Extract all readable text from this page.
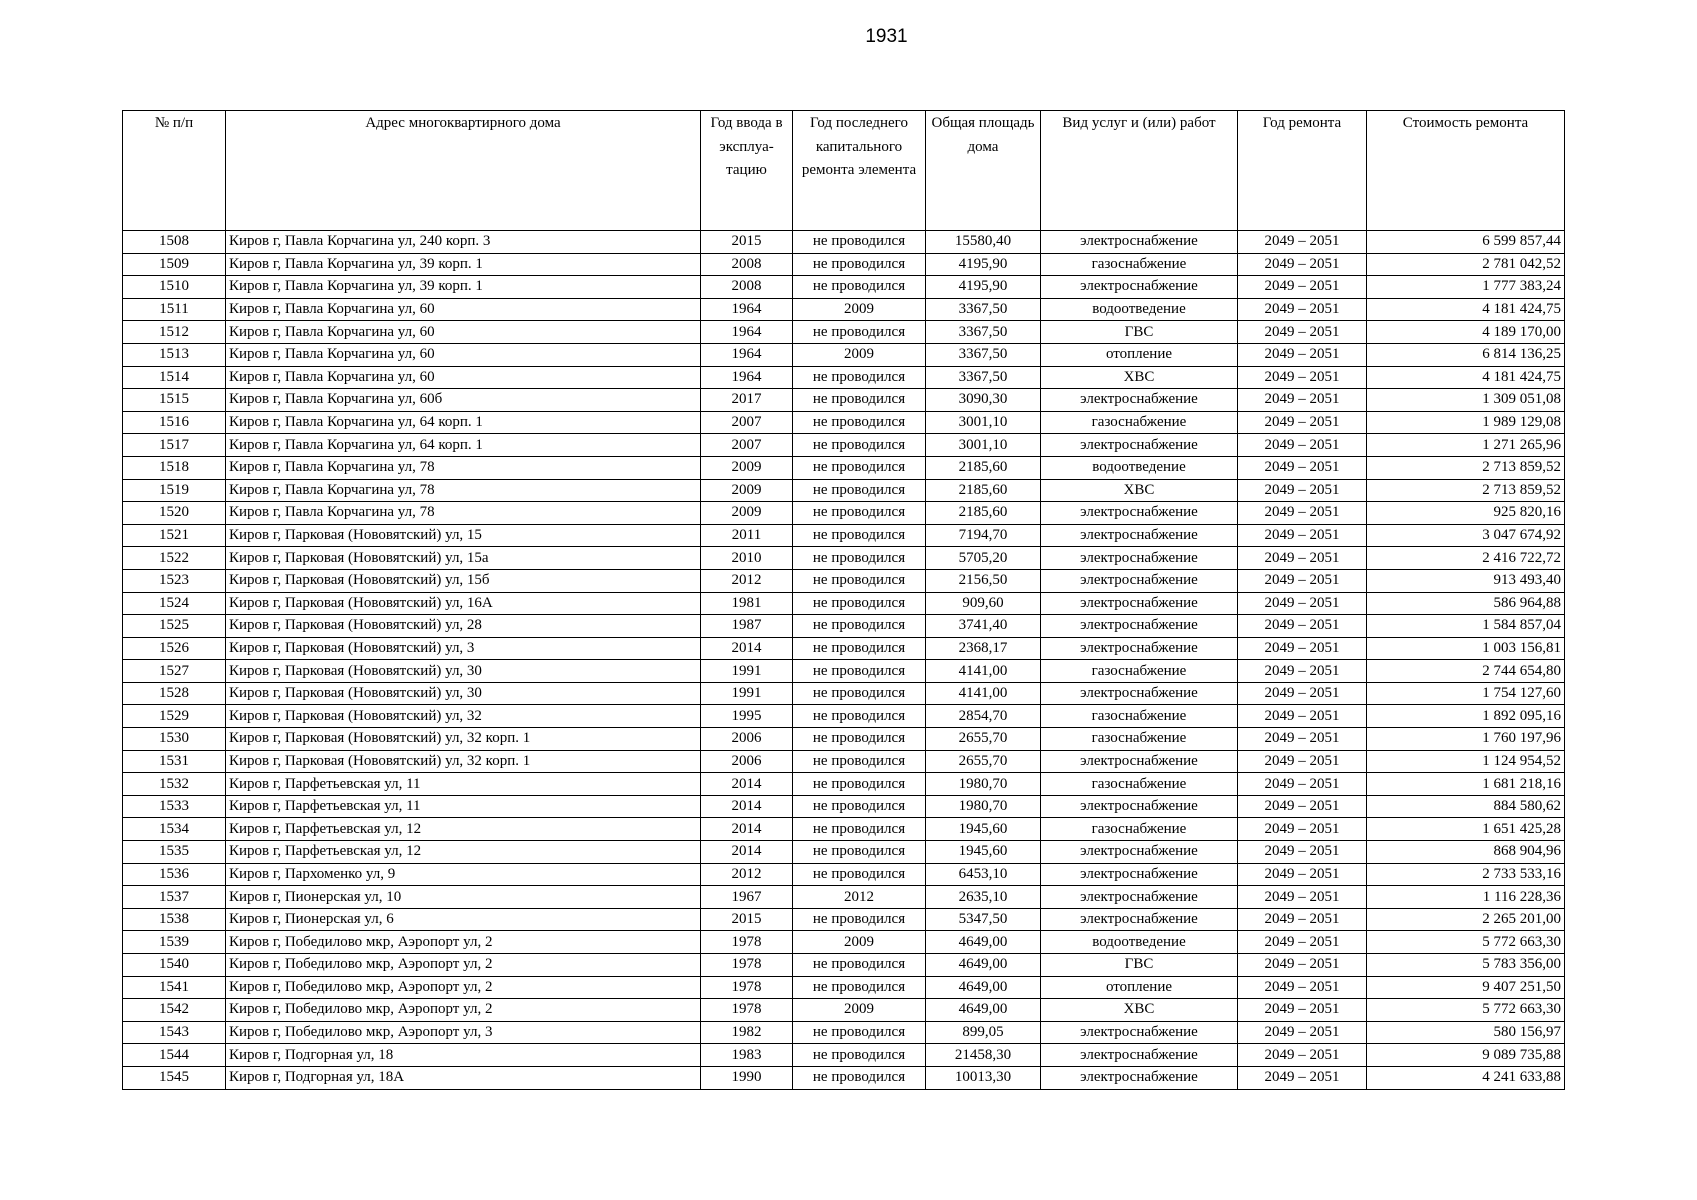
1931
№ п/п	Адрес многоквартирного дома	Год ввода в эксплуа-тацию	Год последнего капитального ремонта элемента	Общая площадь дома	Вид услуг и (или) работ	Год ремонта	Стоимость ремонта
1508	Киров г, Павла Корчагина ул, 240 корп. 3	2015	не проводился	15580,40	электроснабжение	2049 – 2051	6 599 857,44
1509	Киров г, Павла Корчагина ул, 39 корп. 1	2008	не проводился	4195,90	газоснабжение	2049 – 2051	2 781 042,52
1510	Киров г, Павла Корчагина ул, 39 корп. 1	2008	не проводился	4195,90	электроснабжение	2049 – 2051	1 777 383,24
1511	Киров г, Павла Корчагина ул, 60	1964	2009	3367,50	водоотведение	2049 – 2051	4 181 424,75
1512	Киров г, Павла Корчагина ул, 60	1964	не проводился	3367,50	ГВС	2049 – 2051	4 189 170,00
1513	Киров г, Павла Корчагина ул, 60	1964	2009	3367,50	отопление	2049 – 2051	6 814 136,25
1514	Киров г, Павла Корчагина ул, 60	1964	не проводился	3367,50	ХВС	2049 – 2051	4 181 424,75
1515	Киров г, Павла Корчагина ул, 60б	2017	не проводился	3090,30	электроснабжение	2049 – 2051	1 309 051,08
1516	Киров г, Павла Корчагина ул, 64 корп. 1	2007	не проводился	3001,10	газоснабжение	2049 – 2051	1 989 129,08
1517	Киров г, Павла Корчагина ул, 64 корп. 1	2007	не проводился	3001,10	электроснабжение	2049 – 2051	1 271 265,96
1518	Киров г, Павла Корчагина ул, 78	2009	не проводился	2185,60	водоотведение	2049 – 2051	2 713 859,52
1519	Киров г, Павла Корчагина ул, 78	2009	не проводился	2185,60	ХВС	2049 – 2051	2 713 859,52
1520	Киров г, Павла Корчагина ул, 78	2009	не проводился	2185,60	электроснабжение	2049 – 2051	925 820,16
1521	Киров г, Парковая (Нововятский) ул, 15	2011	не проводился	7194,70	электроснабжение	2049 – 2051	3 047 674,92
1522	Киров г, Парковая (Нововятский) ул, 15а	2010	не проводился	5705,20	электроснабжение	2049 – 2051	2 416 722,72
1523	Киров г, Парковая (Нововятский) ул, 15б	2012	не проводился	2156,50	электроснабжение	2049 – 2051	913 493,40
1524	Киров г, Парковая (Нововятский) ул, 16А	1981	не проводился	909,60	электроснабжение	2049 – 2051	586 964,88
1525	Киров г, Парковая (Нововятский) ул, 28	1987	не проводился	3741,40	электроснабжение	2049 – 2051	1 584 857,04
1526	Киров г, Парковая (Нововятский) ул, 3	2014	не проводился	2368,17	электроснабжение	2049 – 2051	1 003 156,81
1527	Киров г, Парковая (Нововятский) ул, 30	1991	не проводился	4141,00	газоснабжение	2049 – 2051	2 744 654,80
1528	Киров г, Парковая (Нововятский) ул, 30	1991	не проводился	4141,00	электроснабжение	2049 – 2051	1 754 127,60
1529	Киров г, Парковая (Нововятский) ул, 32	1995	не проводился	2854,70	газоснабжение	2049 – 2051	1 892 095,16
1530	Киров г, Парковая (Нововятский) ул, 32 корп. 1	2006	не проводился	2655,70	газоснабжение	2049 – 2051	1 760 197,96
1531	Киров г, Парковая (Нововятский) ул, 32 корп. 1	2006	не проводился	2655,70	электроснабжение	2049 – 2051	1 124 954,52
1532	Киров г, Парфетьевская ул, 11	2014	не проводился	1980,70	газоснабжение	2049 – 2051	1 681 218,16
1533	Киров г, Парфетьевская ул, 11	2014	не проводился	1980,70	электроснабжение	2049 – 2051	884 580,62
1534	Киров г, Парфетьевская ул, 12	2014	не проводился	1945,60	газоснабжение	2049 – 2051	1 651 425,28
1535	Киров г, Парфетьевская ул, 12	2014	не проводился	1945,60	электроснабжение	2049 – 2051	868 904,96
1536	Киров г, Пархоменко ул, 9	2012	не проводился	6453,10	электроснабжение	2049 – 2051	2 733 533,16
1537	Киров г, Пионерская ул, 10	1967	2012	2635,10	электроснабжение	2049 – 2051	1 116 228,36
1538	Киров г, Пионерская ул, 6	2015	не проводился	5347,50	электроснабжение	2049 – 2051	2 265 201,00
1539	Киров г, Победилово мкр, Аэропорт ул, 2	1978	2009	4649,00	водоотведение	2049 – 2051	5 772 663,30
1540	Киров г, Победилово мкр, Аэропорт ул, 2	1978	не проводился	4649,00	ГВС	2049 – 2051	5 783 356,00
1541	Киров г, Победилово мкр, Аэропорт ул, 2	1978	не проводился	4649,00	отопление	2049 – 2051	9 407 251,50
1542	Киров г, Победилово мкр, Аэропорт ул, 2	1978	2009	4649,00	ХВС	2049 – 2051	5 772 663,30
1543	Киров г, Победилово мкр, Аэропорт ул, 3	1982	не проводился	899,05	электроснабжение	2049 – 2051	580 156,97
1544	Киров г, Подгорная ул, 18	1983	не проводился	21458,30	электроснабжение	2049 – 2051	9 089 735,88
1545	Киров г, Подгорная ул, 18А	1990	не проводился	10013,30	электроснабжение	2049 – 2051	4 241 633,88
